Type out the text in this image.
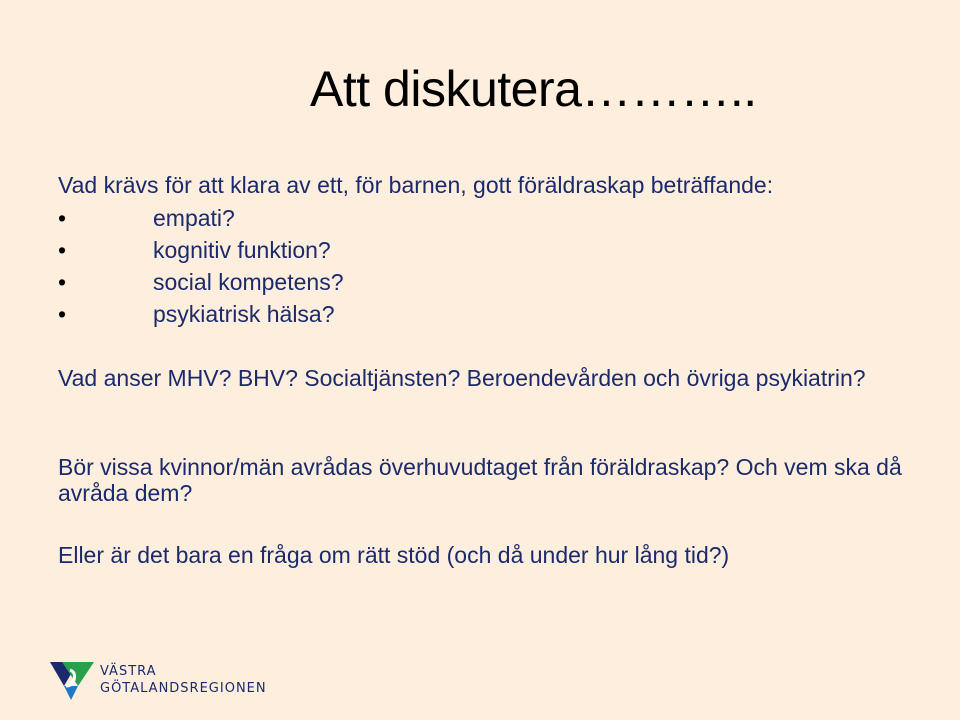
Att diskutera………..
Vad krävs för att klara av ett, för barnen, gott föräldraskap beträffande:
•	empati?
•	kognitiv funktion?
•	social kompetens?
•	psykiatrisk hälsa?
Vad anser MHV? BHV? Socialtjänsten? Beroendevården och övriga psykiatrin?
Bör vissa kvinnor/män avrådas överhuvudtaget från föräldraskap? Och vem ska då avråda dem?
Eller är det bara en fråga om rätt stöd (och då under hur lång tid?)
VÄSTRA
GÖTALANDSREGIONEN
